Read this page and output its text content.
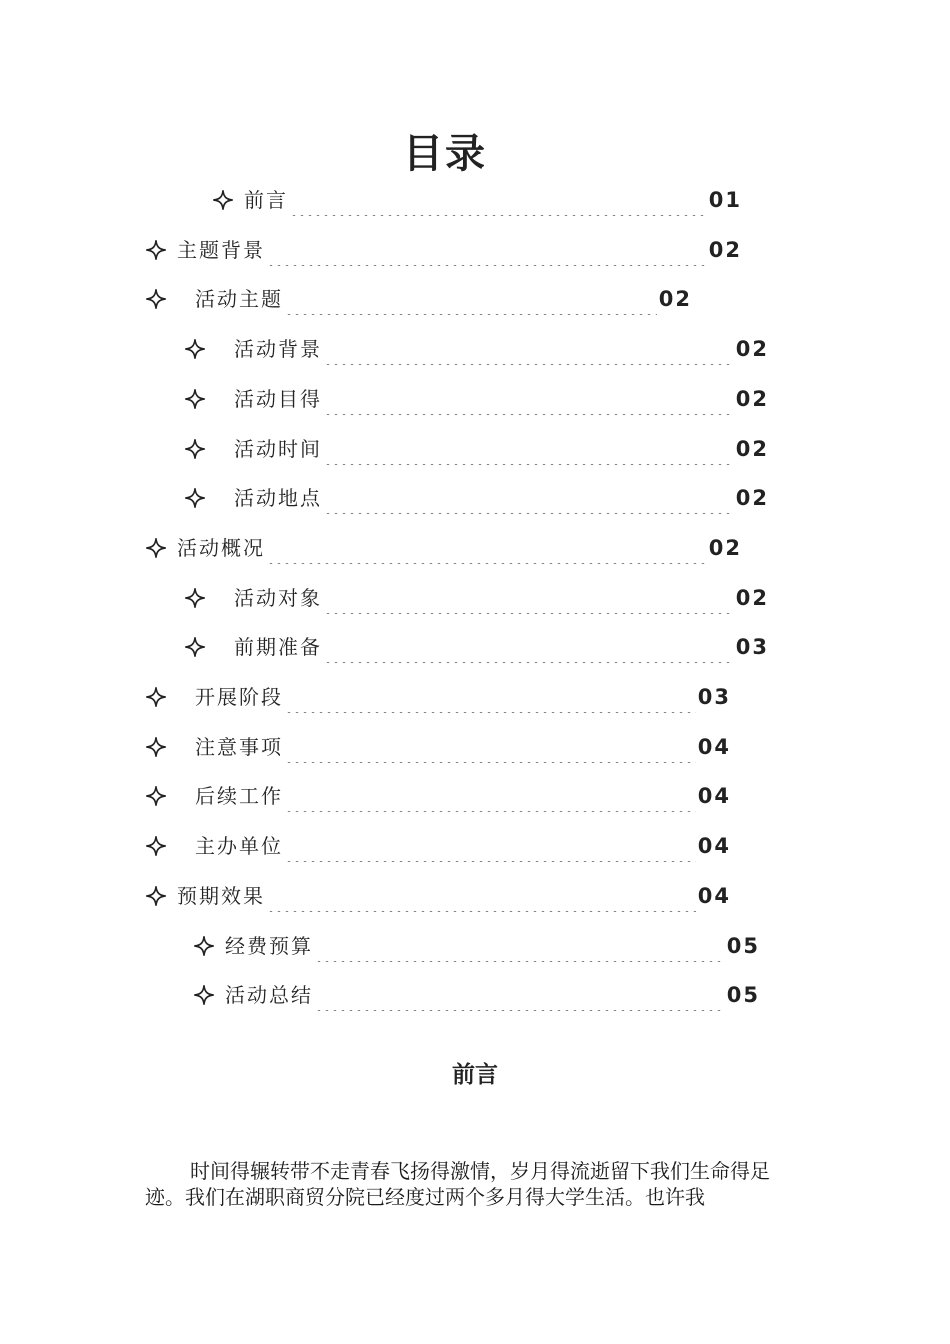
目录
前言	01
主题背景	02
活动主题	02
活动背景	02
活动目得	02
活动时间	02
活动地点	02
活动概况	02
活动对象	02
前期准备	03
开展阶段	03
注意事项	04
后续工作	04
主办单位	04
预期效果	04
经费预算	05
活动总结	05
前言

时间得辗转带不走青春飞扬得激情，岁月得流逝留下我们生命得足迹。我们在湖职商贸分院已经度过两个多月得大学生活。也许我
